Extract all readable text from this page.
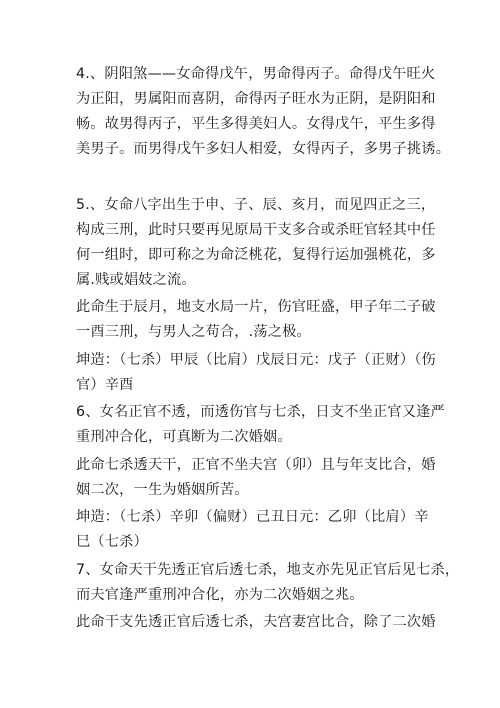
4.、阴阳煞——女命得戊午，男命得丙子。命得戊午旺火
为正阳，男属阳而喜阴，命得丙子旺水为正阴，是阴阳和
畅。故男得丙子，平生多得美妇人。女得戊午，平生多得
美男子。而男得戊午多妇人相爱，女得丙子，多男子挑诱。
5.、女命八字出生于申、子、辰、亥月，而见四正之三，
构成三刑，此时只要再见原局干支多合或杀旺官轻其中任
何一组时，即可称之为命泛桃花，复得行运加强桃花，多
属.贱或娼妓之流。
此命生于辰月，地支水局一片，伤官旺盛，甲子年二子破
一酉三刑，与男人之苟合，.荡之极。
坤造：（七杀）甲辰（比肩）戊辰日元：戊子（正财）（伤
官）辛酉
6、女名正官不透，而透伤官与七杀，日支不坐正官又逢严
重刑冲合化，可真断为二次婚姻。
此命七杀透天干，正官不坐夫宫（卯）且与年支比合，婚
姻二次，一生为婚姻所苦。
坤造：（七杀）辛卯（偏财）己丑日元：乙卯（比肩）辛
巳（七杀）
7、女命天干先透正官后透七杀，地支亦先见正官后见七杀，
而夫官逢严重刑冲合化，亦为二次婚姻之兆。
此命干支先透正官后透七杀，夫宫妻宫比合，除了二次婚
